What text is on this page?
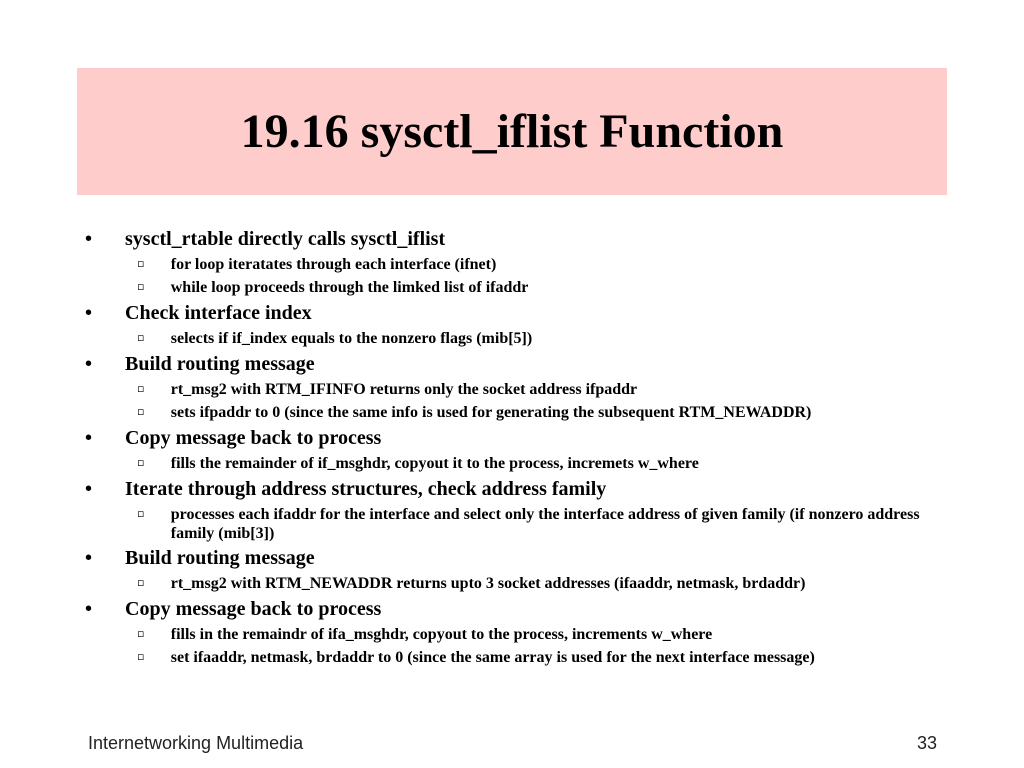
19.16 sysctl_iflist Function
•	sysctl_rtable directly calls sysctl_iflist
▫	for loop iteratates through each interface (ifnet)
▫	while loop proceeds through the limked list of ifaddr
•	Check interface index
▫	selects if if_index equals to the nonzero flags (mib[5])
•	Build routing message
▫	rt_msg2 with RTM_IFINFO returns only the socket address ifpaddr
▫	sets ifpaddr to 0 (since the same info is used for generating the subsequent RTM_NEWADDR)
•	Copy message back to process
▫	fills the remainder of if_msghdr, copyout it to the process, incremets w_where
•	Iterate through address structures, check address family
▫	processes each ifaddr for the interface and select only the interface address of given family (if nonzero address family (mib[3])
•	Build routing message
▫	rt_msg2 with RTM_NEWADDR returns upto 3 socket addresses (ifaaddr, netmask, brdaddr)
•	Copy message back to process
▫	fills in the remaindr of ifa_msghdr, copyout to the process, increments w_where
▫	set ifaaddr, netmask, brdaddr to 0 (since the same array is used for the next interface message)
Internetworking Multimedia	33
